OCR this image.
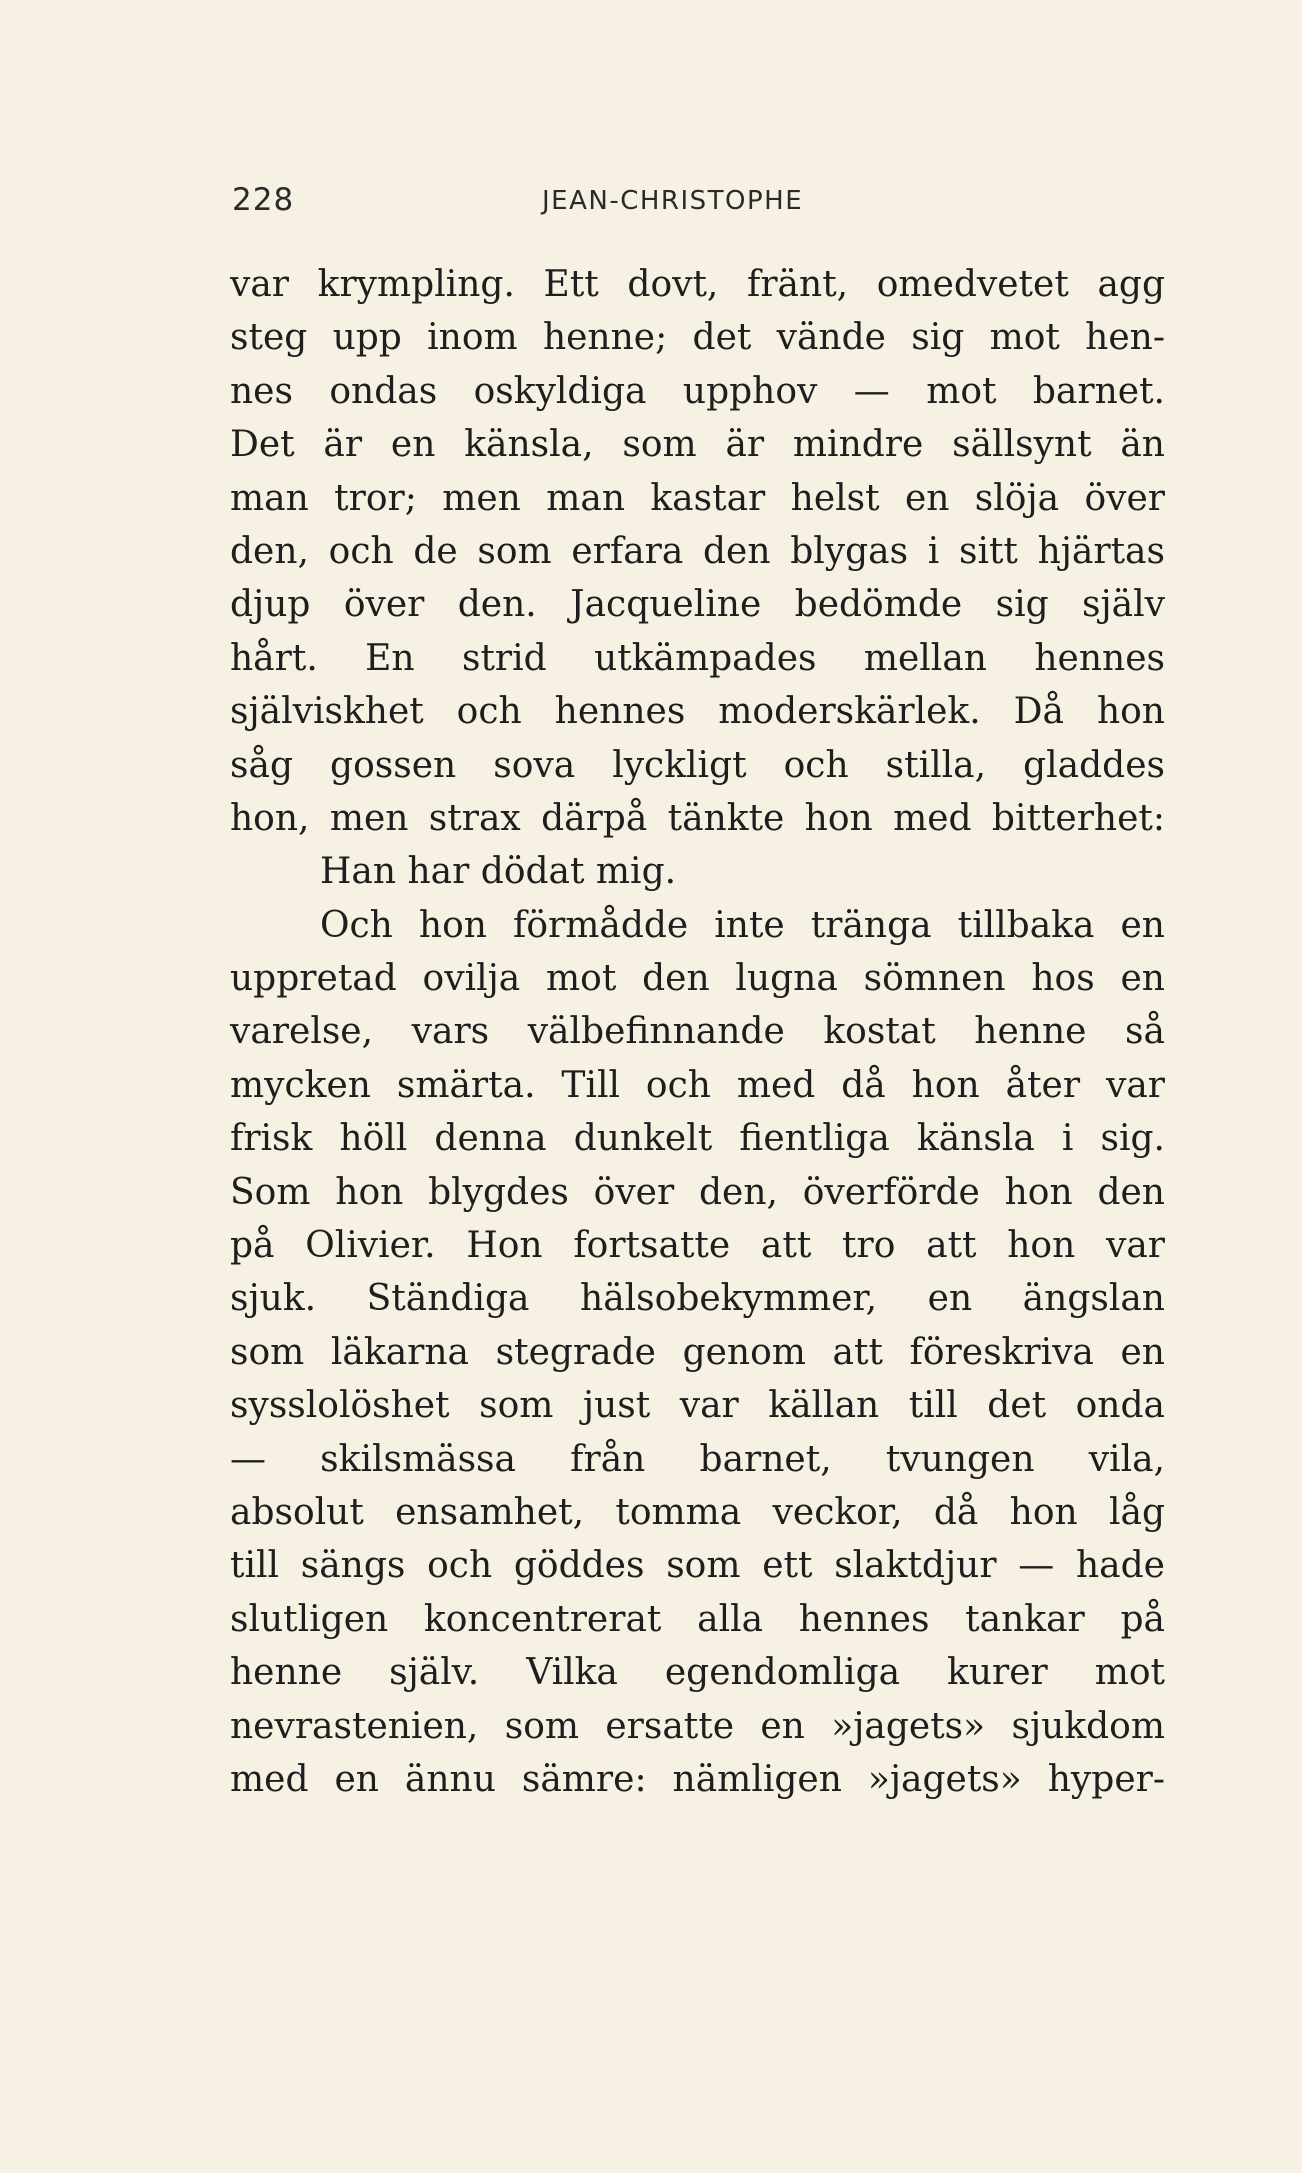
228	JEAN-CHRISTOPHE
var krympling. Ett dovt, fränt, omedvetet agg
steg upp inom henne; det vände sig mot hen-
nes ondas oskyldiga upphov — mot barnet.
Det är en känsla, som är mindre sällsynt än
man tror; men man kastar helst en slöja över
den, och de som erfara den blygas i sitt hjärtas
djup över den. Jacqueline bedömde sig själv
hårt. En strid utkämpades mellan hennes
själviskhet och hennes moderskärlek. Då hon
såg gossen sova lyckligt och stilla, gladdes
hon, men strax därpå tänkte hon med bitterhet:
Han har dödat mig.
Och hon förmådde inte tränga tillbaka en
uppretad ovilja mot den lugna sömnen hos en
varelse, vars välbefinnande kostat henne så
mycken smärta. Till och med då hon åter var
frisk höll denna dunkelt fientliga känsla i sig.
Som hon blygdes över den, överförde hon den
på Olivier. Hon fortsatte att tro att hon var
sjuk. Ständiga hälsobekymmer, en ängslan
som läkarna stegrade genom att föreskriva en
sysslolöshet som just var källan till det onda
— skilsmässa från barnet, tvungen vila,
absolut ensamhet, tomma veckor, då hon låg
till sängs och göddes som ett slaktdjur — hade
slutligen koncentrerat alla hennes tankar på
henne själv. Vilka egendomliga kurer mot
nevrastenien, som ersatte en »jagets» sjukdom
med en ännu sämre: nämligen »jagets» hyper-
